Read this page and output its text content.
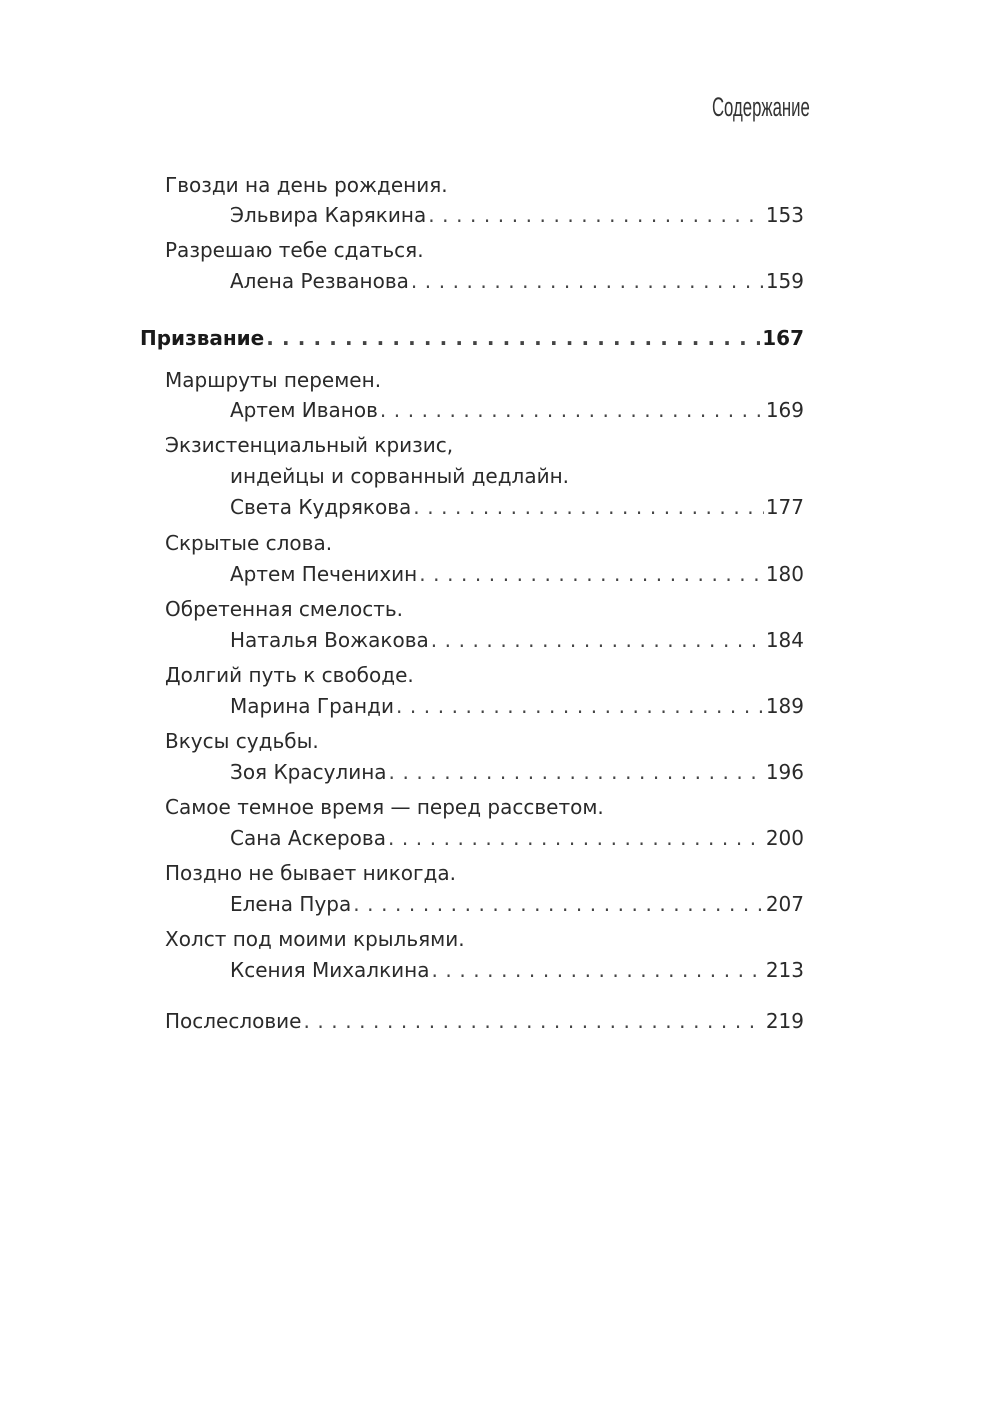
Содержание
Гвозди на день рождения.
Эльвира Карякина . . .	153
Разрешаю тебе сдаться.
Алена Резванова . . .	159
Призвание . . .	167
Маршруты перемен.
Артем Иванов . . .	169
Экзистенциальный кризис,
индейцы и сорванный дедлайн.
Света Кудрякова . . .	177
Скрытые слова.
Артем Печенихин . . .	180
Обретенная смелость.
Наталья Вожакова . . .	184
Долгий путь к свободе.
Марина Гранди . . .	189
Вкусы судьбы.
Зоя Красулина . . .	196
Самое темное время — перед рассветом.
Сана Аскерова . . .	200
Поздно не бывает никогда.
Елена Пура . . .	207
Холст под моими крыльями.
Ксения Михалкина . . .	213
Послесловие . . .	219
